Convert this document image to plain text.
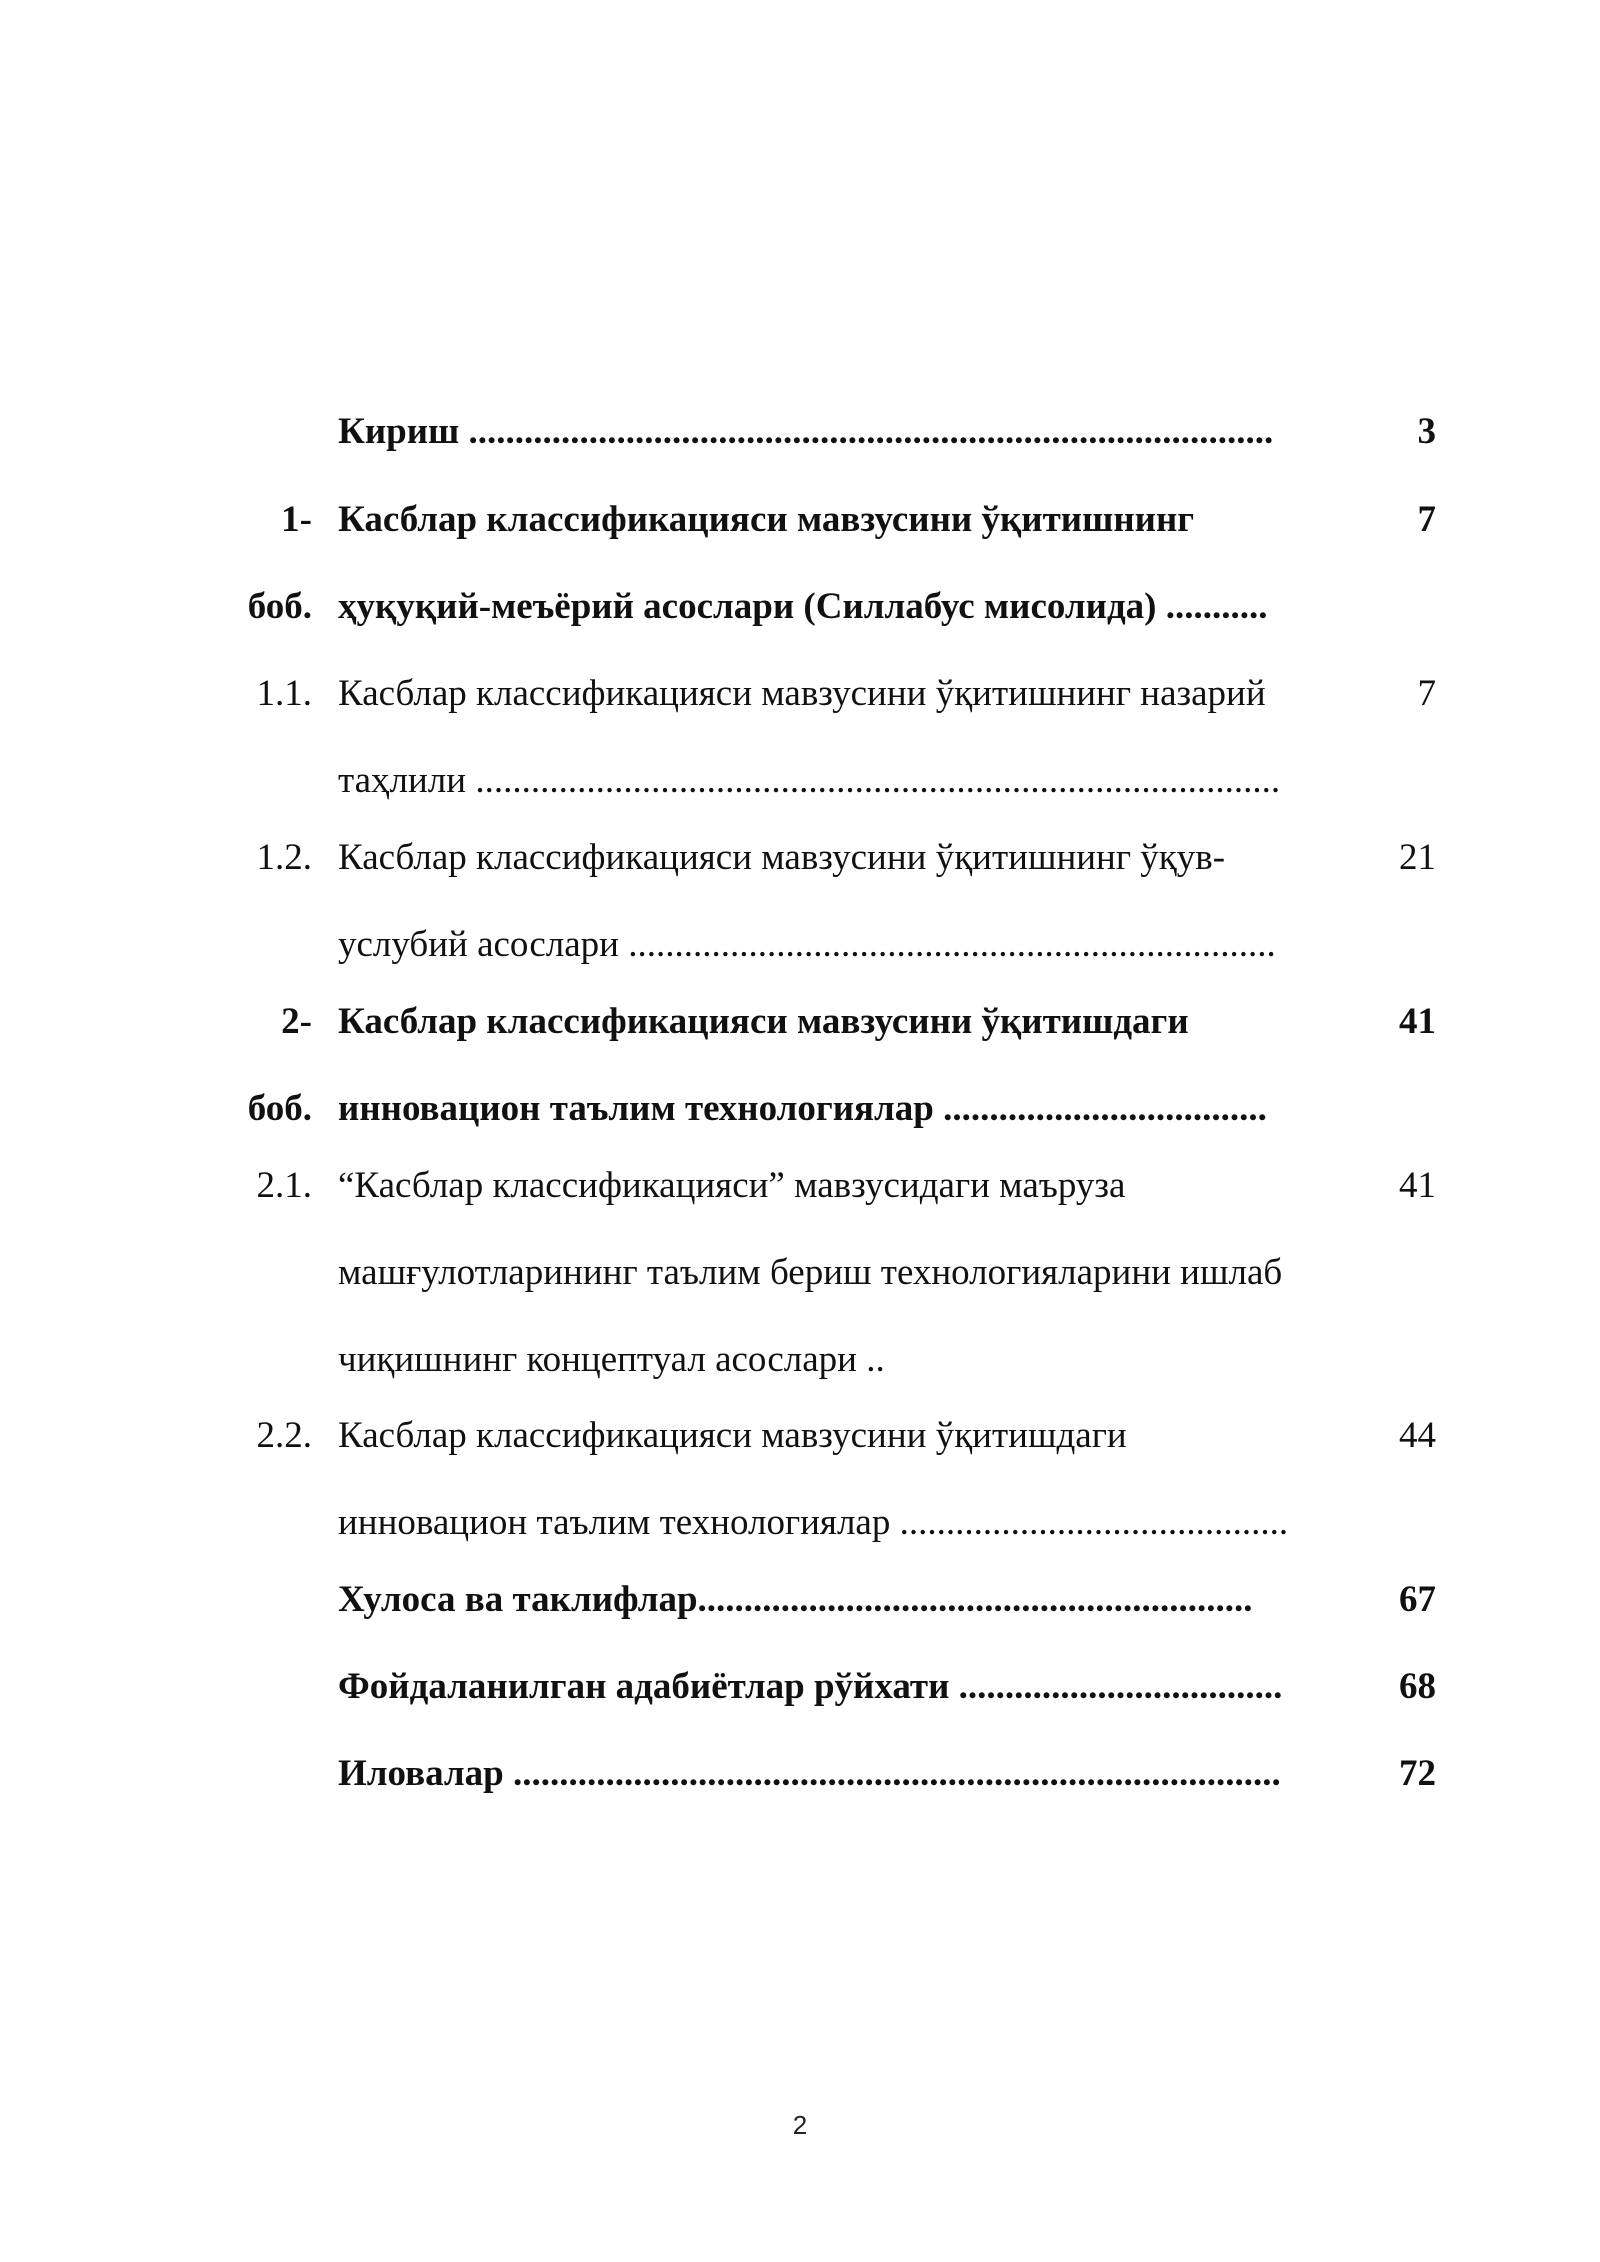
Кириш .......................................................................................	3
1- Касблар классификацияси мавзусини ўқитишнинг	7
боб. ҳуқуқий-меъёрий асослари (Силлабус мисолида) ...........
1.1. Касблар классификацияси мавзусини ўқитишнинг назарий	7
таҳлили .......................................................................................
1.2. Касблар классификацияси мавзусини ўқитишнинг ўқув-	21
услубий асослари ......................................................................
2- Касблар классификацияси мавзусини ўқитишдаги	41
боб. инновацион таълим технологиялар ...................................
2.1. “Касблар классификацияси” мавзусидаги маъруза	41
машғулотларининг таълим бериш технологияларини ишлаб
чиқишнинг концептуал асослари ..
2.2. Касблар классификацияси мавзусини ўқитишдаги	44
инновацион таълим технологиялар ..........................................
Хулоса ва таклифлар............................................................	67
Фойдаланилган адабиётлар рўйхати ...................................	68
Иловалар ...................................................................................	72
2
